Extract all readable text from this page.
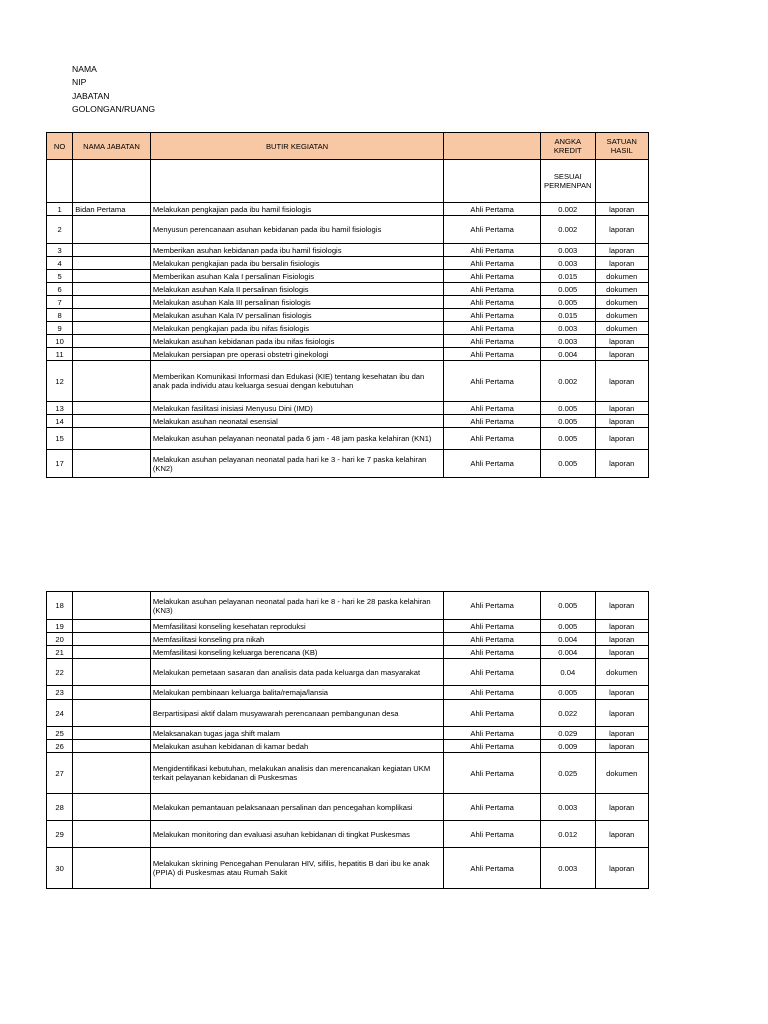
NAMA
NIP
JABATAN
GOLONGAN/RUANG
NO	NAMA JABATAN	BUTIR KEGIATAN		ANGKA KREDIT	SATUAN HASIL
				SESUAI PERMENPAN	
1	Bidan Pertama	Melakukan pengkajian pada ibu hamil fisiologis	Ahli Pertama	0.002	laporan
2		Menyusun perencanaan asuhan kebidanan pada ibu hamil fisiologis	Ahli Pertama	0.002	laporan
3		Memberikan asuhan kebidanan pada ibu hamil fisiologis	Ahli Pertama	0.003	laporan
4		Melakukan pengkajian pada ibu bersalin fisiologis	Ahli Pertama	0.003	laporan
5		Memberikan asuhan Kala I persalinan Fisiologis	Ahli Pertama	0.015	dokumen
6		Melakukan asuhan Kala II persalinan fisiologis	Ahli Pertama	0.005	dokumen
7		Melakukan asuhan Kala III persalinan fisiologis	Ahli Pertama	0.005	dokumen
8		Melakukan asuhan Kala IV persalinan fisiologis	Ahli Pertama	0.015	dokumen
9		Melakukan pengkajian pada ibu nifas fisiologis	Ahli Pertama	0.003	dokumen
10		Melakukan asuhan kebidanan pada ibu nifas fisiologis	Ahli Pertama	0.003	laporan
11		Melakukan persiapan pre operasi obstetri ginekologi	Ahli Pertama	0.004	laporan
12		Memberikan Komunikasi Informasi dan Edukasi (KIE) tentang kesehatan ibu dan anak pada individu atau keluarga sesuai dengan kebutuhan	Ahli Pertama	0.002	laporan
13		Melakukan fasilitasi inisiasi Menyusu Dini (IMD)	Ahli Pertama	0.005	laporan
14		Melakukan asuhan neonatal esensial	Ahli Pertama	0.005	laporan
15		Melakukan asuhan pelayanan neonatal pada 6 jam - 48 jam paska kelahiran (KN1)	Ahli Pertama	0.005	laporan
17		Melakukan asuhan pelayanan neonatal pada hari ke 3 - hari ke 7 paska kelahiran (KN2)	Ahli Pertama	0.005	laporan
18		Melakukan asuhan pelayanan neonatal pada hari ke 8 - hari ke 28 paska kelahiran (KN3)	Ahli Pertama	0.005	laporan
19		Memfasilitasi konseling kesehatan reproduksi	Ahli Pertama	0.005	laporan
20		Memfasilitasi konseling pra nikah	Ahli Pertama	0.004	laporan
21		Memfasilitasi konseling keluarga berencana (KB)	Ahli Pertama	0.004	laporan
22		Melakukan pemetaan sasaran dan analisis data pada keluarga dan masyarakat	Ahli Pertama	0.04	dokumen
23		Melakukan pembinaan keluarga balita/remaja/lansia	Ahli Pertama	0.005	laporan
24		Berpartisipasi aktif dalam musyawarah perencanaan pembangunan desa	Ahli Pertama	0.022	laporan
25		Melaksanakan tugas jaga shift malam	Ahli Pertama	0.029	laporan
26		Melakukan asuhan kebidanan di kamar bedah	Ahli Pertama	0.009	laporan
27		Mengidentifikasi kebutuhan, melakukan analisis dan merencanakan kegiatan UKM terkait pelayanan kebidanan di Puskesmas	Ahli Pertama	0.025	dokumen
28		Melakukan pemantauan pelaksanaan persalinan dan pencegahan komplikasi	Ahli Pertama	0.003	laporan
29		Melakukan monitoring dan evaluasi asuhan kebidanan di tingkat Puskesmas	Ahli Pertama	0.012	laporan
30		Melakukan skrining Pencegahan Penularan HIV, sifilis, hepatitis B dari ibu ke anak (PPIA) di Puskesmas atau Rumah Sakit	Ahli Pertama	0.003	laporan
